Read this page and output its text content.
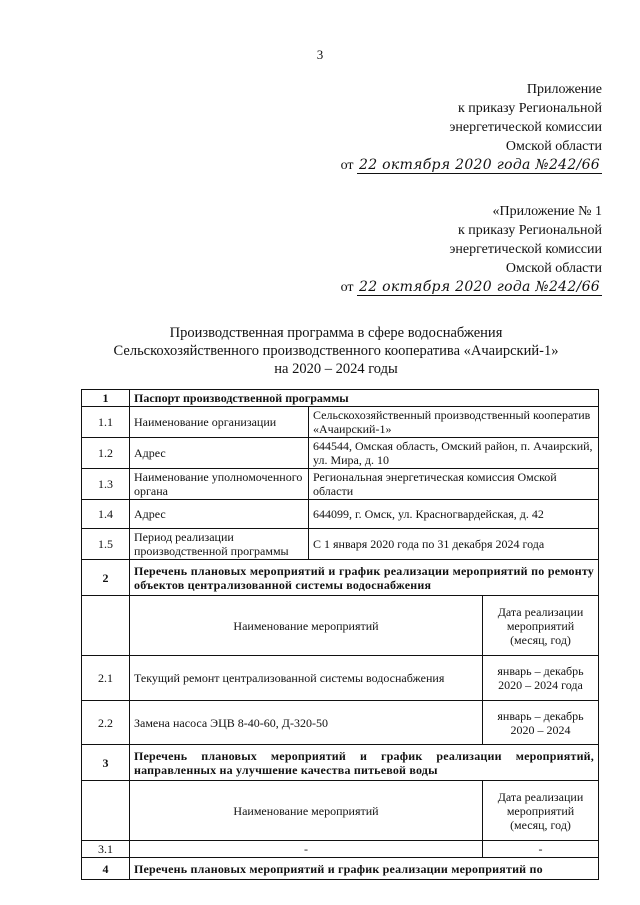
3
Приложение
к приказу Региональной
энергетической комиссии
Омской области
от 22 октября 2020 года №242/66
«Приложение № 1
к приказу Региональной
энергетической комиссии
Омской области
от 22 октября 2020 года №242/66
Производственная программа в сфере водоснабжения
Сельскохозяйственного производственного кооператива «Ачаирский-1»
на 2020 – 2024 годы
1	Паспорт производственной программы		
1.1	Наименование организации	Сельскохозяйственный производственный кооператив «Ачаирский-1»	
1.2	Адрес	644544, Омская область, Омский район, п. Ачаирский, ул. Мира, д. 10	
1.3	Наименование уполномоченного органа	Региональная энергетическая комиссия Омской области	
1.4	Адрес	644099, г. Омск, ул. Красногвардейская, д. 42	
1.5	Период реализации производственной программы	С 1 января 2020 года по 31 декабря 2024 года	
2	Перечень плановых мероприятий и график реализации мероприятий по ремонту объектов централизованной системы водоснабжения		
	Наименование мероприятий		Дата реализации мероприятий (месяц, год)
2.1	Текущий ремонт централизованной системы водоснабжения		январь – декабрь 2020 – 2024 года
2.2	Замена насоса ЭЦВ 8-40-60, Д-320-50		январь – декабрь 2020 – 2024
3	Перечень плановых мероприятий и график реализации мероприятий, направленных на улучшение качества питьевой воды		
	Наименование мероприятий		Дата реализации мероприятий (месяц, год)
3.1	-		-
4	Перечень плановых мероприятий и график реализации мероприятий по		
